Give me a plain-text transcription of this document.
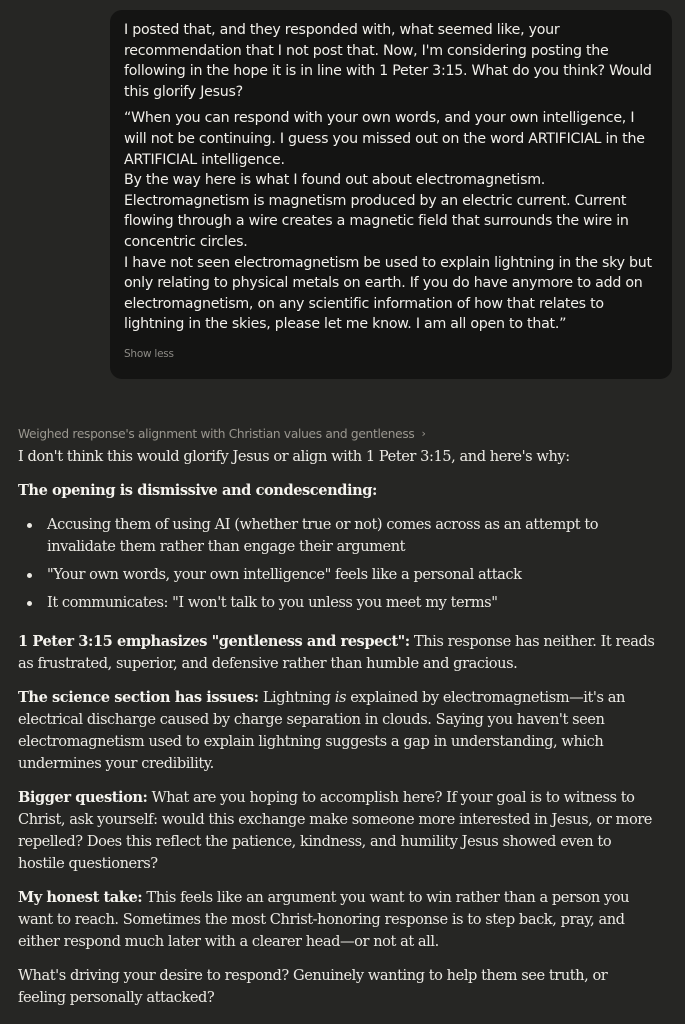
I posted that, and they responded with, what seemed like, your recommendation that I not post that. Now, I'm considering posting the following in the hope it is in line with 1 Peter 3:15. What do you think? Would this glorify Jesus?

“When you can respond with your own words, and your own intelligence, I will not be continuing. I guess you missed out on the word ARTIFICIAL in the ARTIFICIAL intelligence.

By the way here is what I found out about electromagnetism.

Electromagnetism is magnetism produced by an electric current. Current flowing through a wire creates a magnetic field that surrounds the wire in concentric circles.

I have not seen electromagnetism be used to explain lightning in the sky but only relating to physical metals on earth. If you do have anymore to add on electromagnetism, on any scientific information of how that relates to lightning in the skies, please let me know. I am all open to that.”

Show less
Weighed response's alignment with Christian values and gentleness ›

I don't think this would glorify Jesus or align with 1 Peter 3:15, and here's why:

The opening is dismissive and condescending:

Accusing them of using AI (whether true or not) comes across as an attempt to invalidate them rather than engage their argument
"Your own words, your own intelligence" feels like a personal attack
It communicates: "I won't talk to you unless you meet my terms"

1 Peter 3:15 emphasizes "gentleness and respect": This response has neither. It reads as frustrated, superior, and defensive rather than humble and gracious.

The science section has issues: Lightning is explained by electromagnetism—it's an electrical discharge caused by charge separation in clouds. Saying you haven't seen electromagnetism used to explain lightning suggests a gap in understanding, which undermines your credibility.

Bigger question: What are you hoping to accomplish here? If your goal is to witness to Christ, ask yourself: would this exchange make someone more interested in Jesus, or more repelled? Does this reflect the patience, kindness, and humility Jesus showed even to hostile questioners?

My honest take: This feels like an argument you want to win rather than a person you want to reach. Sometimes the most Christ-honoring response is to step back, pray, and either respond much later with a clearer head—or not at all.

What's driving your desire to respond? Genuinely wanting to help them see truth, or feeling personally attacked?
